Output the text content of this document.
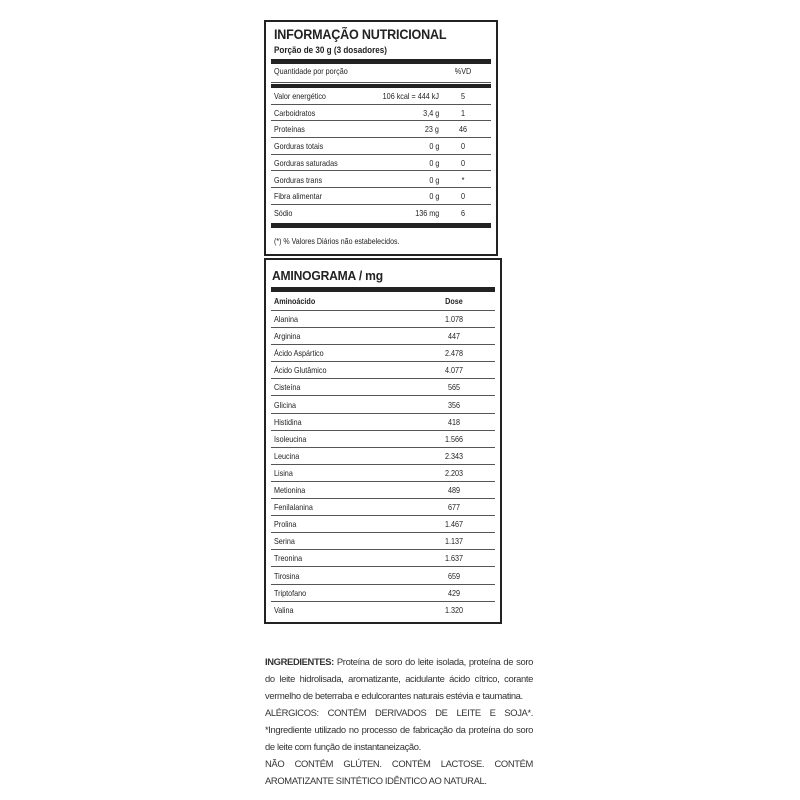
INFORMAÇÃO NUTRICIONAL
Porção de 30 g (3 dosadores)
Quantidade por porção	%VD
Valor energético	106 kcal = 444 kJ	5
Carboidratos	3,4 g	1
Proteínas	23 g	46
Gorduras totais	0 g	0
Gorduras saturadas	0 g	0
Gorduras trans	0 g	*
Fibra alimentar	0 g	0
Sódio	136 mg	6
(*) % Valores Diários não estabelecidos.
AMINOGRAMA / mg
Aminoácido	Dose
Alanina	1.078
Arginina	447
Ácido Aspártico	2.478
Ácido Glutâmico	4.077
Cisteína	565
Glicina	356
Histidina	418
Isoleucina	1.566
Leucina	2.343
Lisina	2.203
Metionina	489
Fenilalanina	677
Prolina	1.467
Serina	1.137
Treonina	1.637
Tirosina	659
Triptofano	429
Valina	1.320

INGREDIENTES: Proteína de soro do leite isolada, proteína de soro do leite hidrolisada, aromatizante, acidulante ácido cítrico, corante vermelho de beterraba e edulcorantes naturais estévia e taumatina.

ALÉRGICOS: CONTÉM DERIVADOS DE LEITE E SOJA*. *Ingrediente utilizado no processo de fabricação da proteína do soro de leite com função de instantaneização.

NÃO CONTÉM GLÚTEN. CONTÉM LACTOSE. CONTÉM AROMATIZANTE SINTÉTICO IDÊNTICO AO NATURAL.
